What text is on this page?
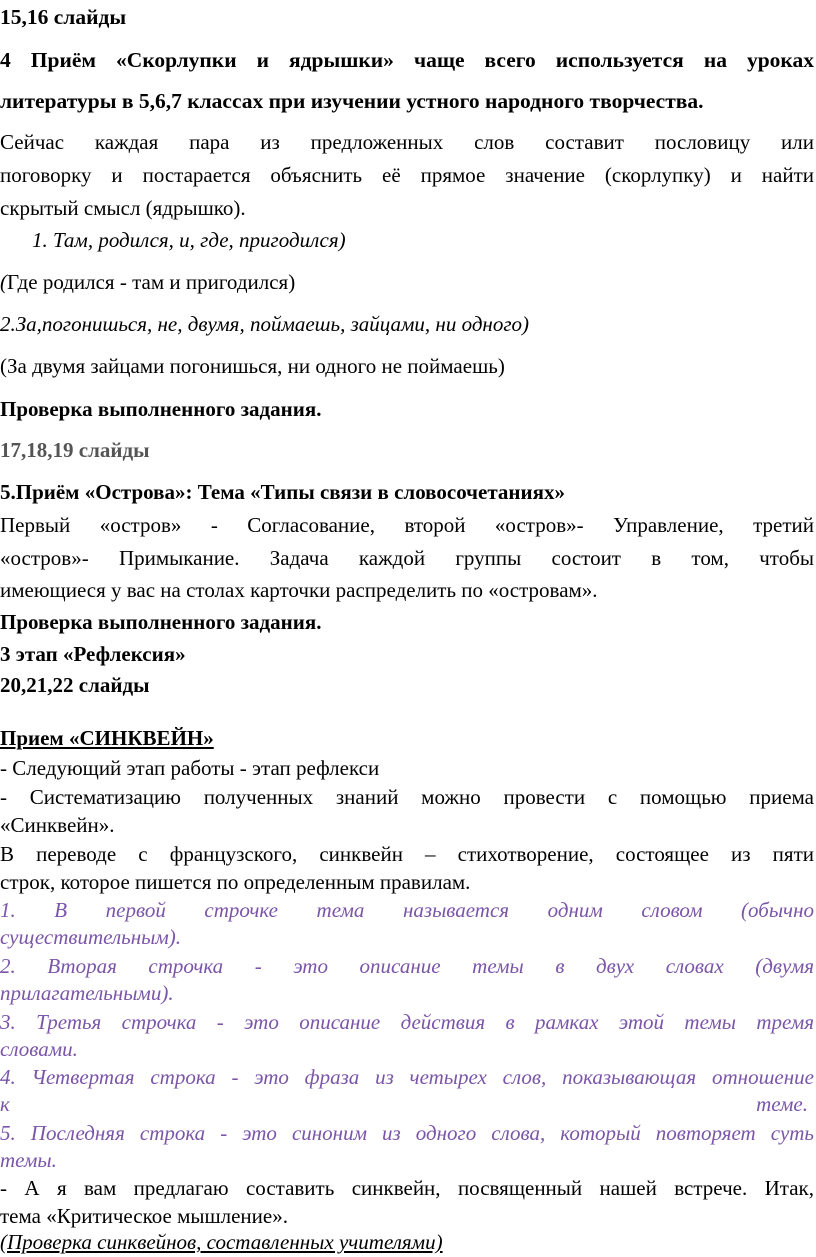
15,16 слайды
4 Приём «Скорлупки и ядрышки» чаще всего используется на уроках
литературы в 5,6,7 классах при изучении устного народного творчества.
Сейчас каждая пара из предложенных слов составит пословицу или
поговорку и постарается объяснить её прямое значение (скорлупку) и найти
скрытый смысл (ядрышко).
1. Там, родился, и, где, пригодился)
(Где родился - там и пригодился)
2.За,погонишься, не, двумя, поймаешь, зайцами, ни одного)
(За двумя зайцами погонишься, ни одного не поймаешь)
Проверка выполненного задания.
17,18,19 слайды
5.Приём «Острова»: Тема «Типы связи в словосочетаниях»
Первый «остров» - Согласование, второй «остров»- Управление, третий
«остров»- Примыкание. Задача каждой группы состоит в том, чтобы
имеющиеся у вас на столах карточки распределить по «островам».
Проверка выполненного задания.
3 этап «Рефлексия»
20,21,22 слайды
Прием «СИНКВЕЙН»
- Следующий этап работы - этап рефлекси
- Систематизацию полученных знаний можно провести с помощью приема
«Синквейн».
В переводе с французского, синквейн – стихотворение, состоящее из пяти
строк, которое пишется по определенным правилам.
1. В первой строчке тема называется одним словом (обычно
существительным).
2. Вторая строчка - это описание темы в двух словах (двумя
прилагательными).
3. Третья строчка - это описание действия в рамках этой темы тремя
словами.
4. Четвертая строка - это фраза из четырех слов, показывающая отношение
к	теме.
5. Последняя строка - это синоним из одного слова, который повторяет суть
темы.
- А я вам предлагаю составить синквейн, посвященный нашей встрече. Итак,
тема «Критическое мышление».
(Проверка синквейнов, составленных учителями)
